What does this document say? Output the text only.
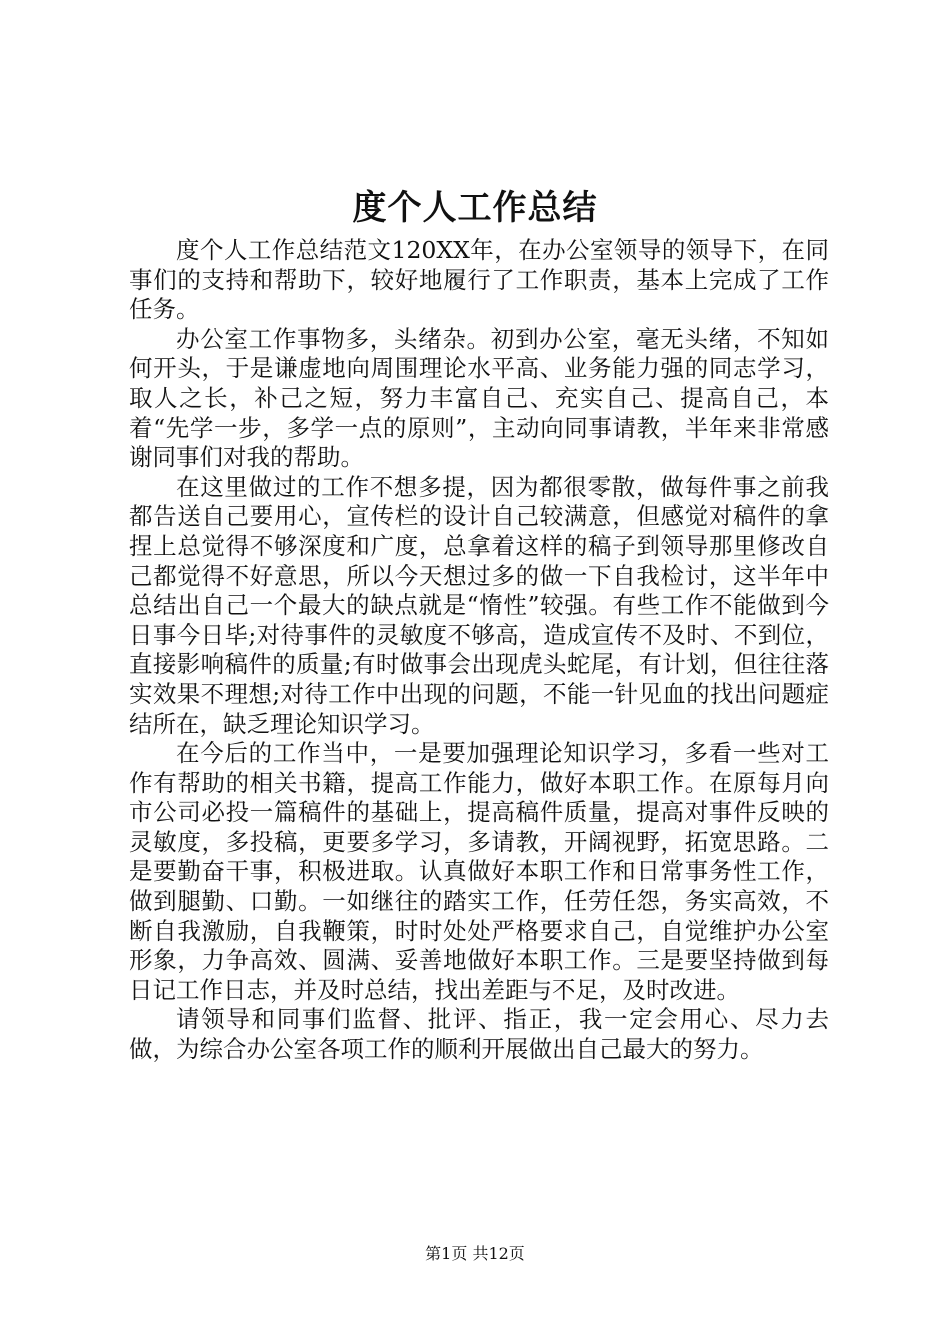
度个人工作总结

度个人工作总结范文120XX年，在办公室领导的领导下，在同事们的支持和帮助下，较好地履行了工作职责，基本上完成了工作任务。

办公室工作事物多，头绪杂。初到办公室，毫无头绪，不知如何开头，于是谦虚地向周围理论水平高、业务能力强的同志学习，取人之长，补己之短，努力丰富自己、充实自己、提高自己，本着“先学一步，多学一点的原则”，主动向同事请教，半年来非常感谢同事们对我的帮助。

在这里做过的工作不想多提，因为都很零散，做每件事之前我都告送自己要用心，宣传栏的设计自己较满意，但感觉对稿件的拿捏上总觉得不够深度和广度，总拿着这样的稿子到领导那里修改自己都觉得不好意思，所以今天想过多的做一下自我检讨，这半年中总结出自己一个最大的缺点就是“惰性”较强。有些工作不能做到今日事今日毕;对待事件的灵敏度不够高，造成宣传不及时、不到位，直接影响稿件的质量;有时做事会出现虎头蛇尾，有计划，但往往落实效果不理想;对待工作中出现的问题，不能一针见血的找出问题症结所在，缺乏理论知识学习。

在今后的工作当中，一是要加强理论知识学习，多看一些对工作有帮助的相关书籍，提高工作能力，做好本职工作。在原每月向市公司必投一篇稿件的基础上，提高稿件质量，提高对事件反映的灵敏度，多投稿，更要多学习，多请教，开阔视野，拓宽思路。二是要勤奋干事，积极进取。认真做好本职工作和日常事务性工作，做到腿勤、口勤。一如继往的踏实工作，任劳任怨，务实高效，不断自我激励，自我鞭策，时时处处严格要求自己，自觉维护办公室形象，力争高效、圆满、妥善地做好本职工作。三是要坚持做到每日记工作日志，并及时总结，找出差距与不足，及时改进。

请领导和同事们监督、批评、指正，我一定会用心、尽力去做，为综合办公室各项工作的顺利开展做出自己最大的努力。

第1页 共12页
